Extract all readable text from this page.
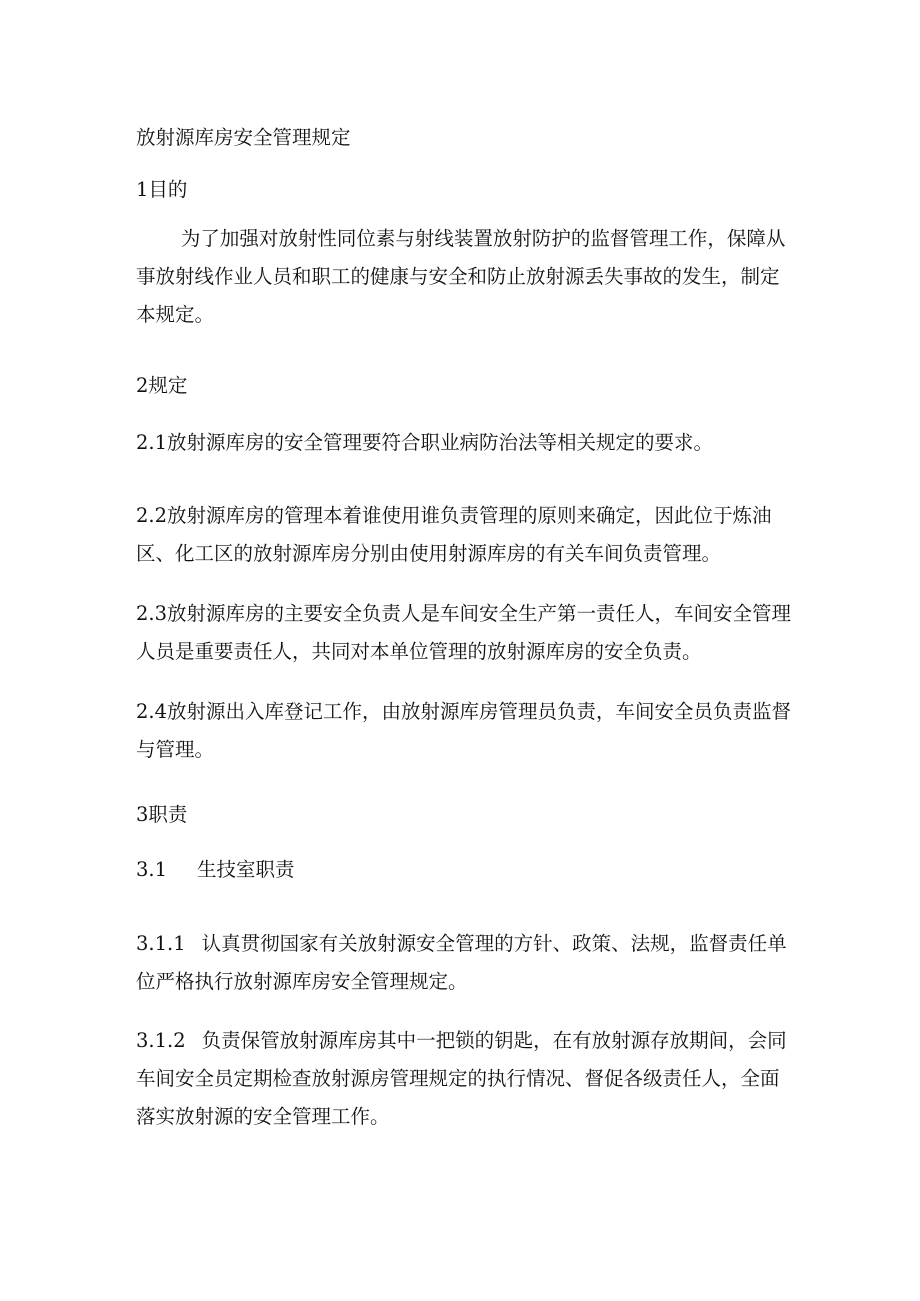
放射源库房安全管理规定

1目的

为了加强对放射性同位素与射线装置放射防护的监督管理工作，保障从事放射线作业人员和职工的健康与安全和防止放射源丢失事故的发生，制定本规定。

2规定

2.1放射源库房的安全管理要符合职业病防治法等相关规定的要求。

2.2放射源库房的管理本着谁使用谁负责管理的原则来确定，因此位于炼油区、化工区的放射源库房分别由使用射源库房的有关车间负责管理。

2.3放射源库房的主要安全负责人是车间安全生产第一责任人，车间安全管理人员是重要责任人，共同对本单位管理的放射源库房的安全负责。

2.4放射源出入库登记工作，由放射源库房管理员负责，车间安全员负责监督与管理。

3职责

3.1 生技室职责

3.1.1 认真贯彻国家有关放射源安全管理的方针、政策、法规，监督责任单位严格执行放射源库房安全管理规定。

3.1.2 负责保管放射源库房其中一把锁的钥匙，在有放射源存放期间，会同车间安全员定期检查放射源房管理规定的执行情况、督促各级责任人，全面落实放射源的安全管理工作。
